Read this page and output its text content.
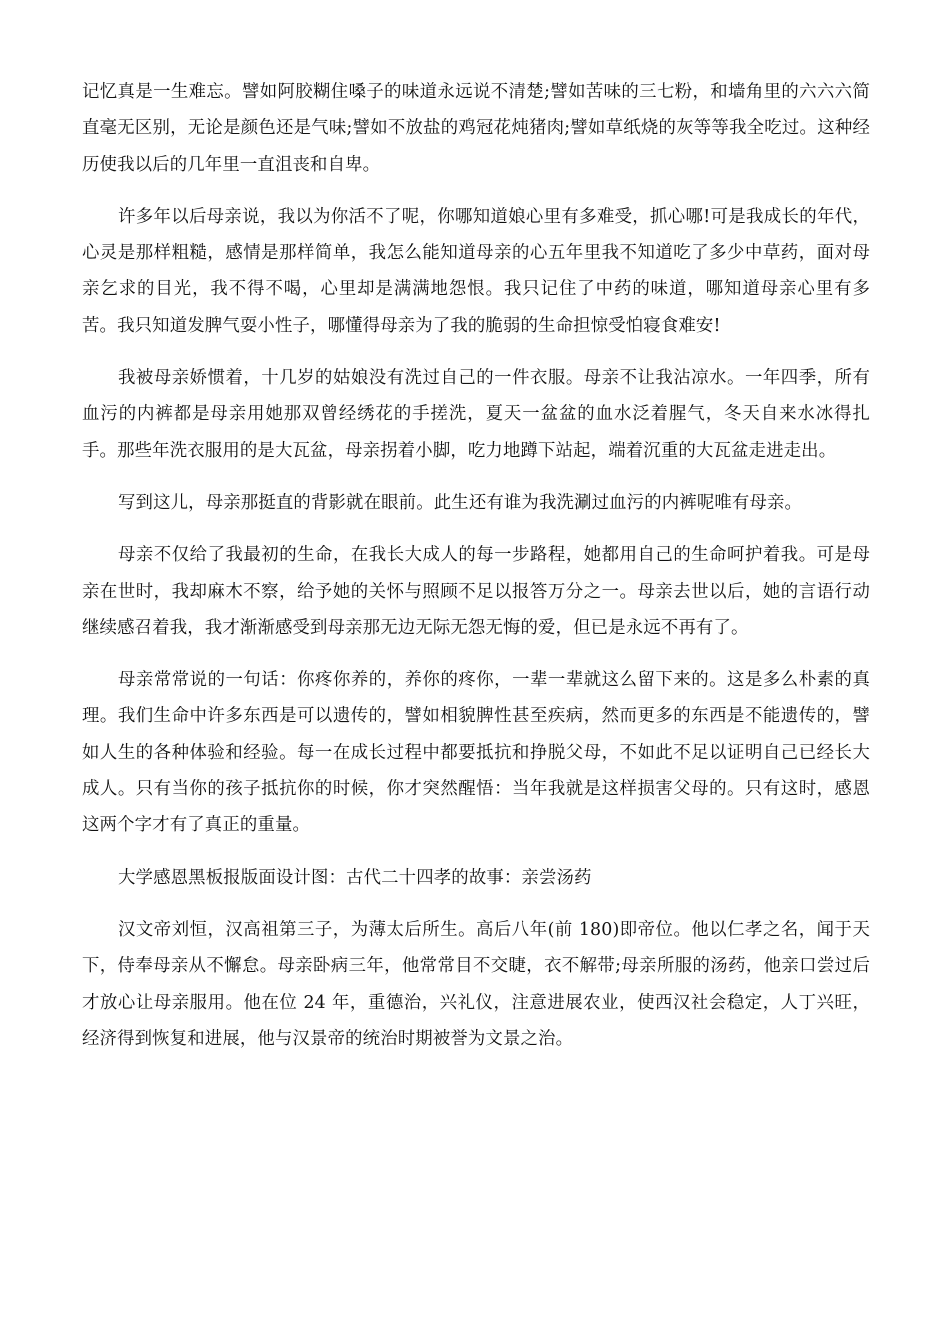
记忆真是一生难忘。譬如阿胶糊住嗓子的味道永远说不清楚;譬如苦味的三七粉，和墙角里的六六六简直毫无区别，无论是颜色还是气味;譬如不放盐的鸡冠花炖猪肉;譬如草纸烧的灰等等我全吃过。这种经历使我以后的几年里一直沮丧和自卑。

许多年以后母亲说，我以为你活不了呢，你哪知道娘心里有多难受，抓心哪!可是我成长的年代，心灵是那样粗糙，感情是那样简单，我怎么能知道母亲的心五年里我不知道吃了多少中草药，面对母亲乞求的目光，我不得不喝，心里却是满满地怨恨。我只记住了中药的味道，哪知道母亲心里有多苦。我只知道发脾气耍小性子，哪懂得母亲为了我的脆弱的生命担惊受怕寝食难安!

我被母亲娇惯着，十几岁的姑娘没有洗过自己的一件衣服。母亲不让我沾凉水。一年四季，所有血污的内裤都是母亲用她那双曾经绣花的手搓洗，夏天一盆盆的血水泛着腥气，冬天自来水冰得扎手。那些年洗衣服用的是大瓦盆，母亲拐着小脚，吃力地蹲下站起，端着沉重的大瓦盆走进走出。

写到这儿，母亲那挺直的背影就在眼前。此生还有谁为我洗涮过血污的内裤呢唯有母亲。

母亲不仅给了我最初的生命，在我长大成人的每一步路程，她都用自己的生命呵护着我。可是母亲在世时，我却麻木不察，给予她的关怀与照顾不足以报答万分之一。母亲去世以后，她的言语行动继续感召着我，我才渐渐感受到母亲那无边无际无怨无悔的爱，但已是永远不再有了。

母亲常常说的一句话：你疼你养的，养你的疼你，一辈一辈就这么留下来的。这是多么朴素的真理。我们生命中许多东西是可以遗传的，譬如相貌脾性甚至疾病，然而更多的东西是不能遗传的，譬如人生的各种体验和经验。每一在成长过程中都要抵抗和挣脱父母，不如此不足以证明自己已经长大成人。只有当你的孩子抵抗你的时候，你才突然醒悟：当年我就是这样损害父母的。只有这时，感恩这两个字才有了真正的重量。

大学感恩黑板报版面设计图：古代二十四孝的故事：亲尝汤药

汉文帝刘恒，汉高祖第三子，为薄太后所生。高后八年(前 180)即帝位。他以仁孝之名，闻于天下，侍奉母亲从不懈怠。母亲卧病三年，他常常目不交睫，衣不解带;母亲所服的汤药，他亲口尝过后才放心让母亲服用。他在位 24 年，重德治，兴礼仪，注意进展农业，使西汉社会稳定，人丁兴旺，经济得到恢复和进展，他与汉景帝的统治时期被誉为文景之治。
